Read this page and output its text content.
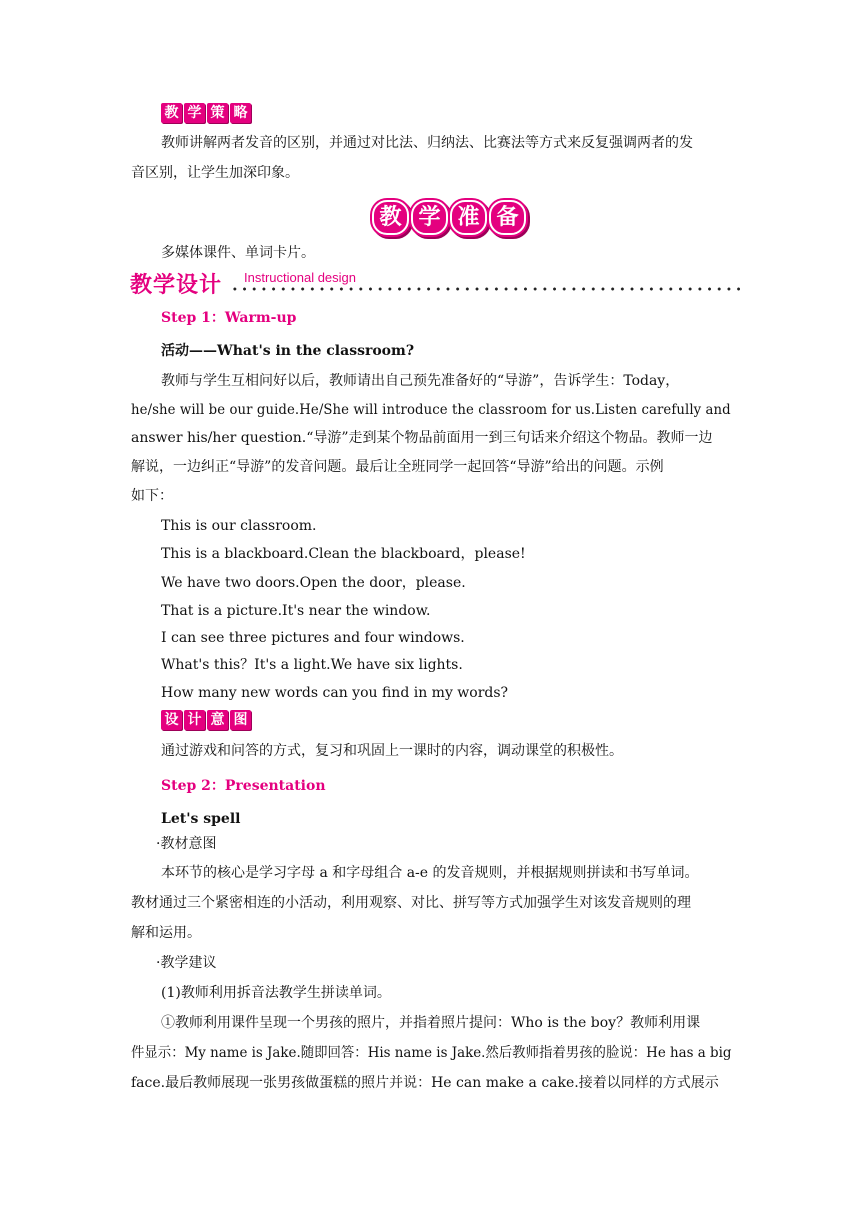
教 学 策 略
教师讲解两者发音的区别，并通过对比法、归纳法、比赛法等方式来反复强调两者的发
音区别，让学生加深印象。
教 学 准 备
多媒体课件、单词卡片。
教学设计 Instructional design
Step 1：Warm-up
活动——What's in the classroom?
教师与学生互相问好以后，教师请出自己预先准备好的“导游”，告诉学生：Today，
he/she will be our guide.He/She will introduce the classroom for us.Listen carefully and
answer his/her question.“导游”走到某个物品前面用一到三句话来介绍这个物品。教师一边
解说，一边纠正“导游”的发音问题。最后让全班同学一起回答“导游”给出的问题。示例
如下：
This is our classroom.
This is a blackboard.Clean the blackboard，please!
We have two doors.Open the door，please.
That is a picture.It's near the window.
I can see three pictures and four windows.
What's this？It's a light.We have six lights.
How many new words can you find in my words?
设 计 意 图
通过游戏和问答的方式，复习和巩固上一课时的内容，调动课堂的积极性。
Step 2：Presentation
Let's spell
·教材意图
本环节的核心是学习字母 a 和字母组合 a-e 的发音规则，并根据规则拼读和书写单词。
教材通过三个紧密相连的小活动，利用观察、对比、拼写等方式加强学生对该发音规则的理
解和运用。
·教学建议
(1)教师利用拆音法教学生拼读单词。
①教师利用课件呈现一个男孩的照片，并指着照片提问：Who is the boy？教师利用课
件显示：My name is Jake.随即回答：His name is Jake.然后教师指着男孩的脸说：He has a big
face.最后教师展现一张男孩做蛋糕的照片并说：He can make a cake.接着以同样的方式展示
